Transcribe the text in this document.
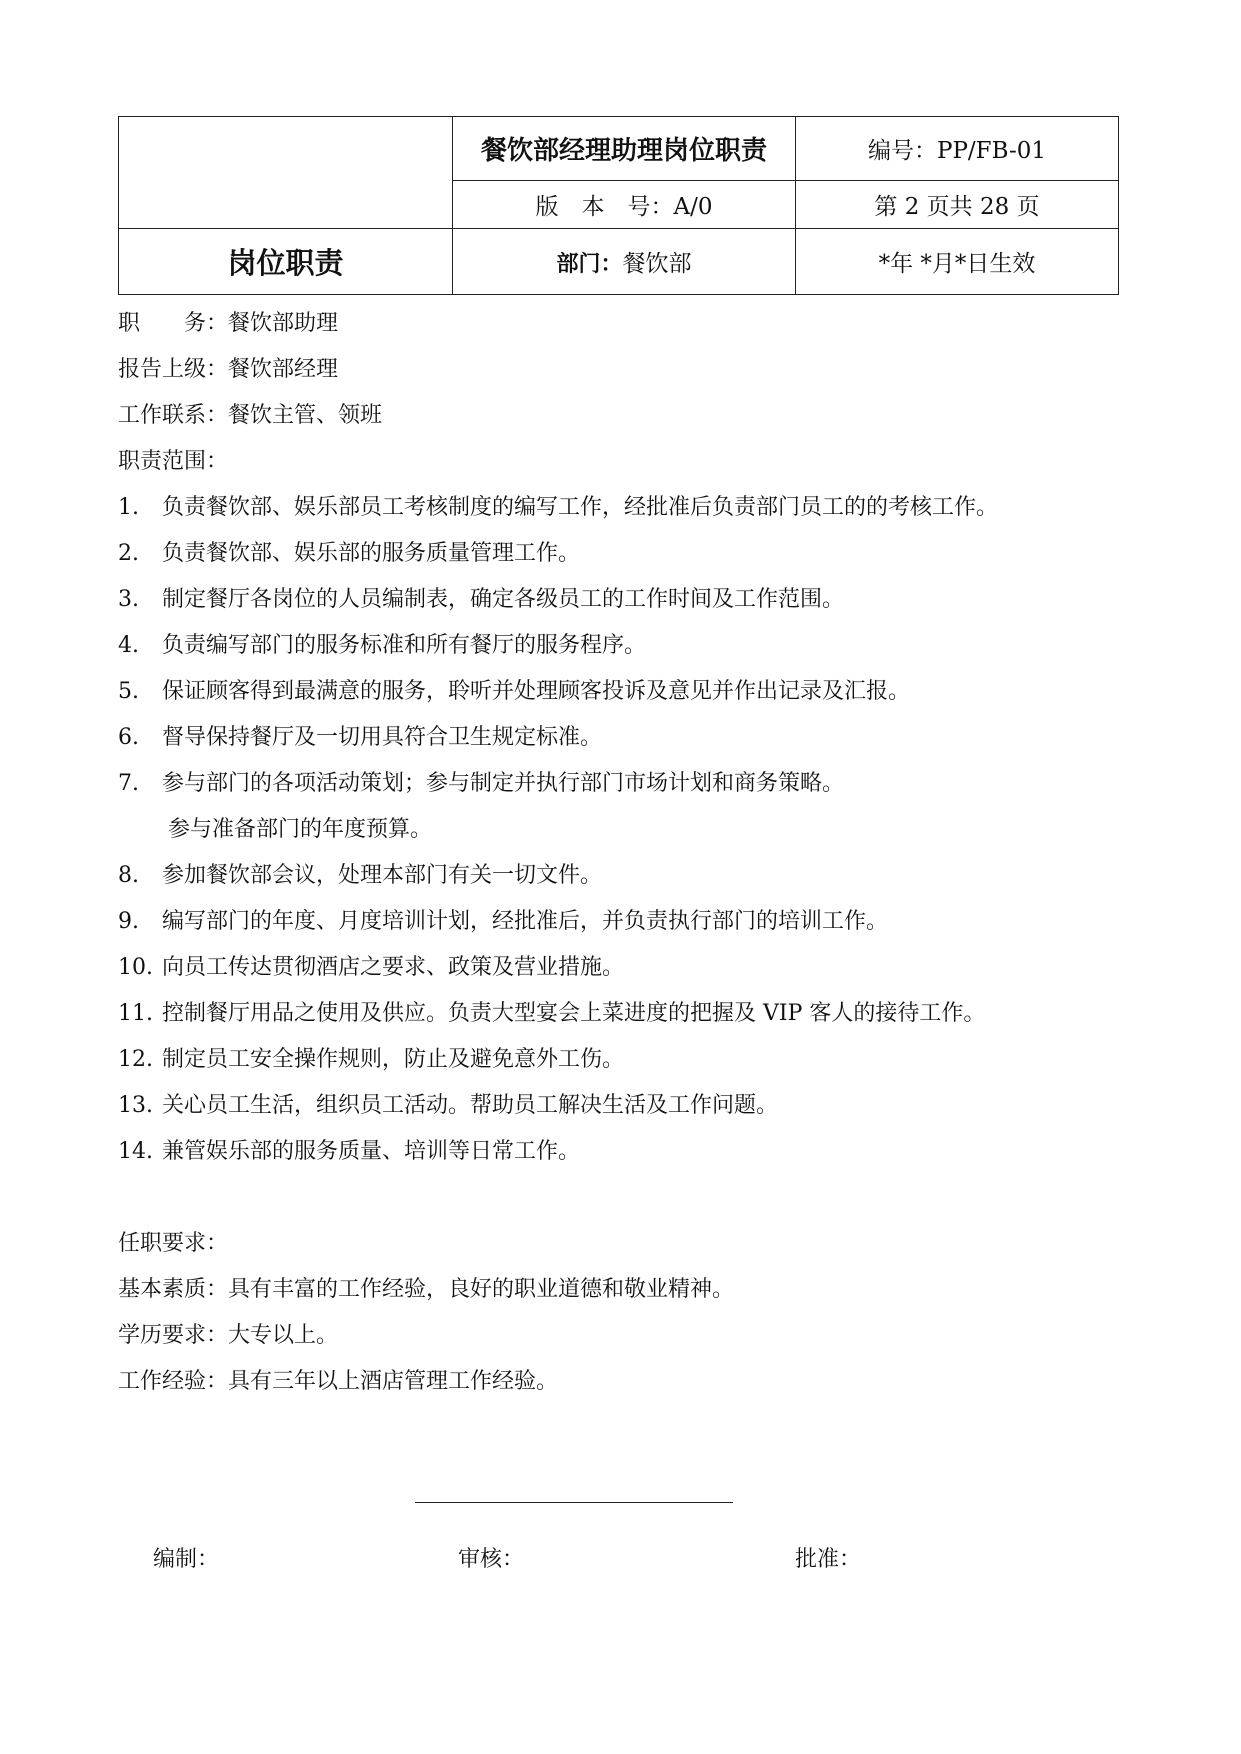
	餐饮部经理助理岗位职责	编号：PP/FB-01
	版　本　号：A/0	第 2 页共 28 页
岗位职责	部门：餐饮部	*年 *月*日生效
职　　务：餐饮部助理
报告上级：餐饮部经理
工作联系：餐饮主管、领班
职责范围：
1.	负责餐饮部、娱乐部员工考核制度的编写工作，经批准后负责部门员工的的考核工作。
2.	负责餐饮部、娱乐部的服务质量管理工作。
3.	制定餐厅各岗位的人员编制表，确定各级员工的工作时间及工作范围。
4.	负责编写部门的服务标准和所有餐厅的服务程序。
5.	保证顾客得到最满意的服务，聆听并处理顾客投诉及意见并作出记录及汇报。
6.	督导保持餐厅及一切用具符合卫生规定标准。
7.	参与部门的各项活动策划；参与制定并执行部门市场计划和商务策略。
参与准备部门的年度预算。
8.	参加餐饮部会议，处理本部门有关一切文件。
9.	编写部门的年度、月度培训计划，经批准后，并负责执行部门的培训工作。
10. 向员工传达贯彻酒店之要求、政策及营业措施。
11. 控制餐厅用品之使用及供应。负责大型宴会上菜进度的把握及 VIP 客人的接待工作。
12. 制定员工安全操作规则，防止及避免意外工伤。
13. 关心员工生活，组织员工活动。帮助员工解决生活及工作问题。
14. 兼管娱乐部的服务质量、培训等日常工作。
任职要求：
基本素质：具有丰富的工作经验，良好的职业道德和敬业精神。
学历要求：大专以上。
工作经验：具有三年以上酒店管理工作经验。
编制：	审核：	批准：
